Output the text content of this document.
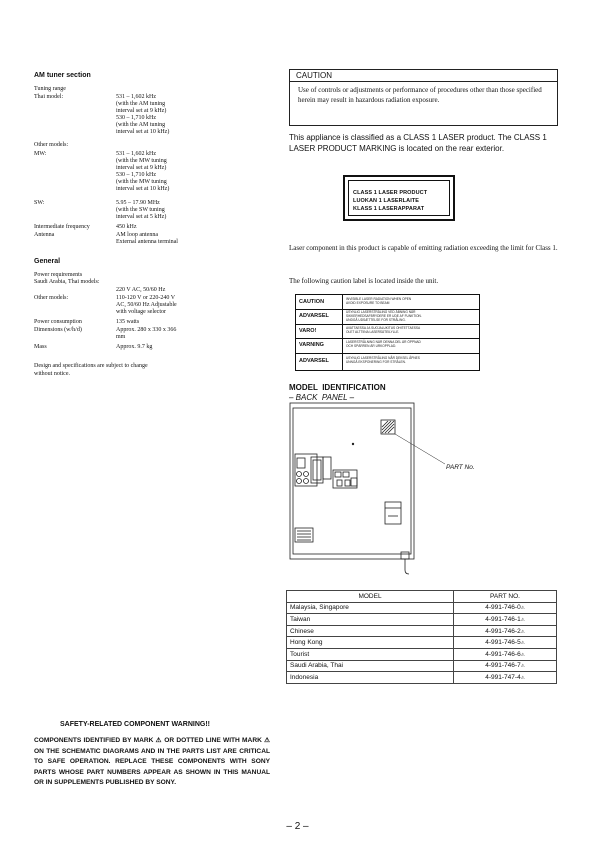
AM tuner section
Tuning range
Thai model:	531 – 1,602 kHz
(with the AM tuning
interval set at 9 kHz)
530 – 1,710 kHz
(with the AM tuning
interval set at 10 kHz)
Other models:
MW:	531 – 1,602 kHz
(with the MW tuning
interval set at 9 kHz)
530 – 1,710 kHz
(with the MW tuning
interval set at 10 kHz)
SW:	5.95 – 17.90 MHz
(with the SW tuning
interval set at 5 kHz)
Intermediate frequency	450 kHz
Antenna	AM loop antenna
External antenna terminal
General
Power requirements
Saudi Arabia, Thai models:
220 V AC, 50/60 Hz
Other models:	110-120 V or 220-240 V
AC, 50/60 Hz Adjustable
with voltage selector
Power consumption	135 watts
Dimensions (w/h/d)	Approx. 280 x 330 x 366
mm
Mass	Approx. 9.7 kg
Design and specifications are subject to change
without notice.
CAUTION
Use of controls or adjustments or performance of procedures other than those specified herein may result in hazardous radiation exposure.
This appliance is classified as a CLASS 1 LASER product. The CLASS 1 LASER PRODUCT MARKING is located on the rear exterior.
CLASS 1 LASER PRODUCT
LUOKAN 1 LASERLAITE
KLASS 1 LASERAPPARAT
Laser component in this product is capable of emitting radiation exceeding the limit for Class 1.
The following caution label is located inside the unit.
CAUTION	INVISIBLE LASER RADIATION WHEN OPEN
AVOID EXPOSURE TO BEAM
ADVARSEL
USYNLIG LASERSTRÅLING VED ÅBNING NÅR
SIKKERHEDSAFBRYDERE ER UDE AF FUNKTION.
UNDGÅ UDSÆTTELSE FOR STRÅLING.
VARO!	AVATTAESSA JA SUOJALUKITUS OHITETTAESSA
OLET ALTTIINA LASERSÄTEILYLLE.
VARNING	LASERSTRÅLNING NÄR DENNA DEL ÄR ÖPPNAD
OCH SPÄRREN ÄR URKOPPLAD.
ADVARSEL	USYNLIG LASERSTRÅLING NÅR DEKSEL ÅPNES
UNNGÅ EKSPONERING FOR STRÅLEN.
MODEL  IDENTIFICATION
– BACK  PANEL –
PART No.
MODEL	PART NO.
Malaysia, Singapore	4-991-746-0⚠
Taiwan	4-991-746-1⚠
Chinese	4-991-746-2⚠
Hong Kong	4-991-746-5⚠
Tourist	4-991-746-6⚠
Saudi Arabia, Thai	4-991-746-7⚠
Indonesia	4-991-747-4⚠
SAFETY-RELATED COMPONENT WARNING!!
COMPONENTS IDENTIFIED BY MARK ⚠ OR DOTTED LINE WITH MARK ⚠ ON THE SCHEMATIC DIAGRAMS AND IN THE PARTS LIST ARE CRITICAL TO SAFE OPERATION. REPLACE THESE COMPONENTS WITH SONY PARTS WHOSE PART NUMBERS APPEAR AS SHOWN IN THIS MANUAL OR IN SUPPLEMENTS PUBLISHED BY SONY.
– 2 –
